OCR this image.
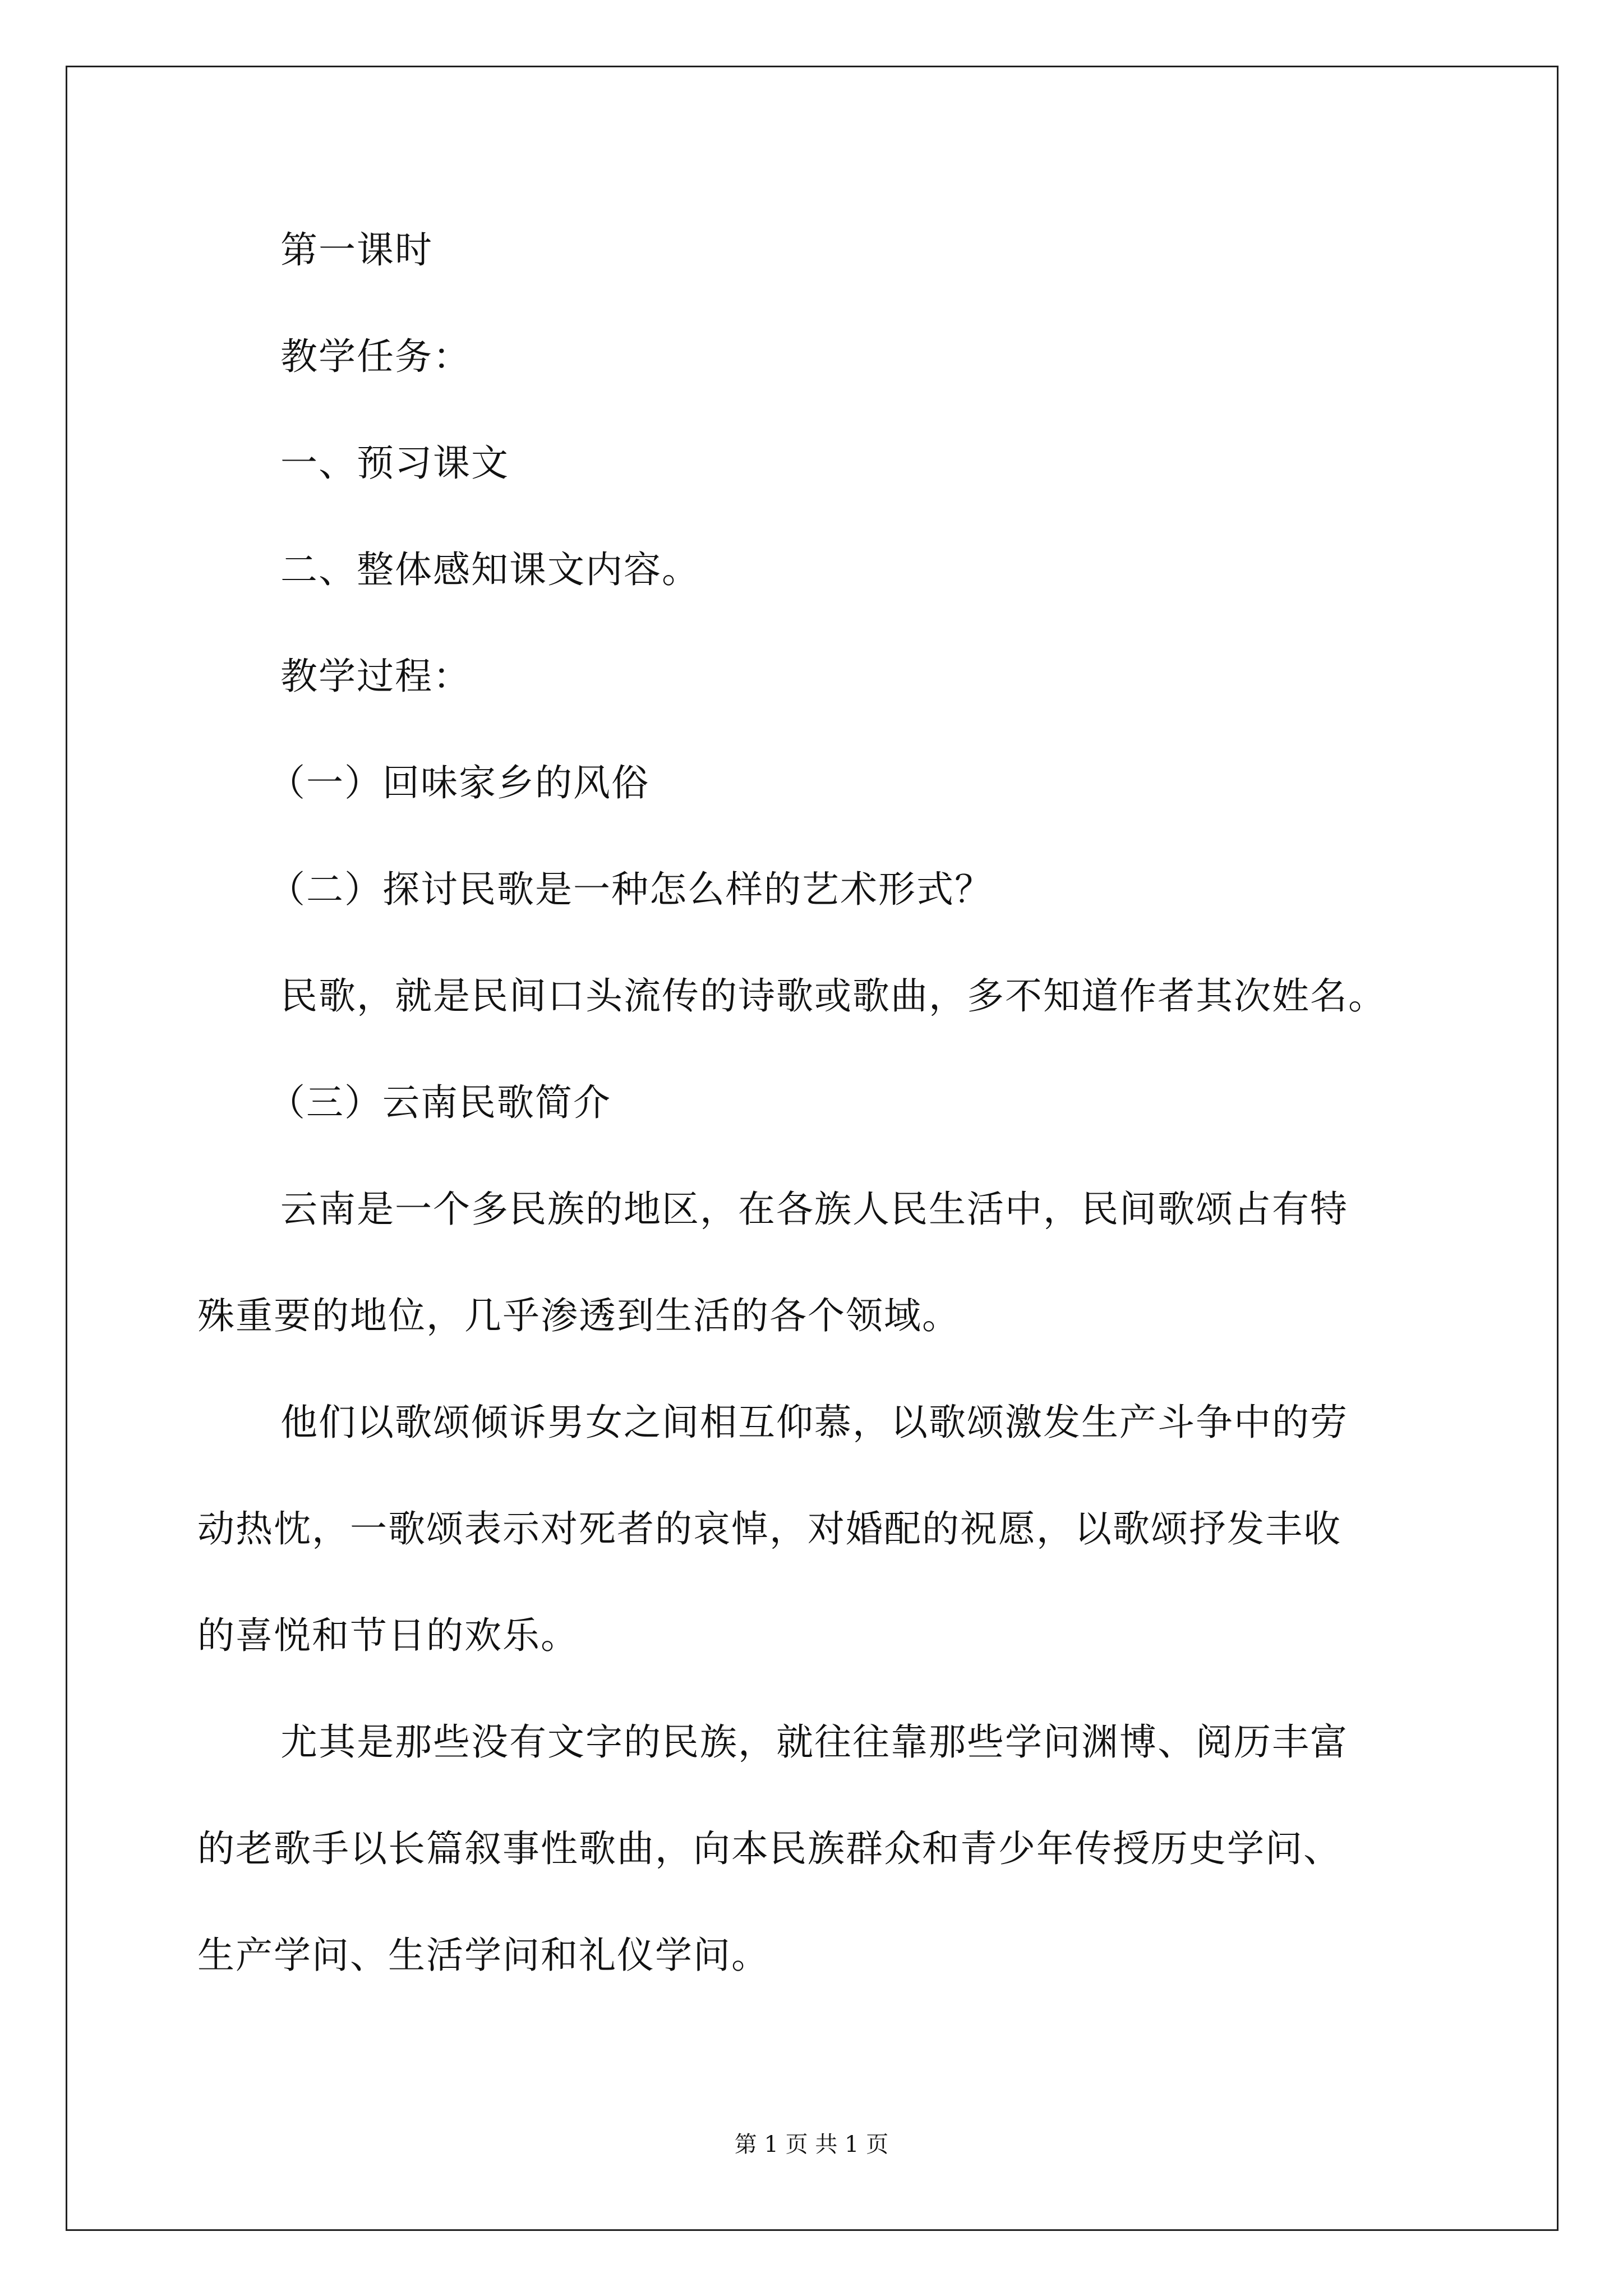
第一课时
教学任务：
一、预习课文
二、整体感知课文内容。
教学过程：
（一）回味家乡的风俗
（二）探讨民歌是一种怎么样的艺术形式？
民歌，就是民间口头流传的诗歌或歌曲，多不知道作者其次姓名。
（三）云南民歌简介
云南是一个多民族的地区，在各族人民生活中，民间歌颂占有特
殊重要的地位，几乎渗透到生活的各个领域。
他们以歌颂倾诉男女之间相互仰慕，以歌颂激发生产斗争中的劳
动热忱，一歌颂表示对死者的哀悼，对婚配的祝愿，以歌颂抒发丰收
的喜悦和节日的欢乐。
尤其是那些没有文字的民族，就往往靠那些学问渊博、阅历丰富
的老歌手以长篇叙事性歌曲，向本民族群众和青少年传授历史学问、
生产学问、生活学问和礼仪学问。
第 1 页 共 1 页
